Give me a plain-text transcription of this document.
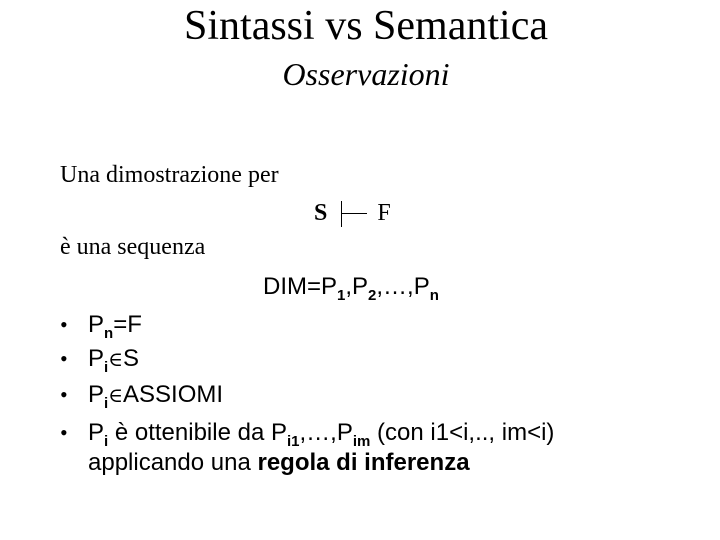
Sintassi vs Semantica
Osservazioni
Una dimostrazione per
S F
è una sequenza
$DIM=P_1,P_2,\dots,P_n$
• $P_n=F$
• $P_i\in S$
• $P_i\in ASSIOMI$
• $P_i$ è ottenibile da $P_{i1},\dots,P_{im}$ (con i1<i,.., im<i)
applicando una regola di inferenza
